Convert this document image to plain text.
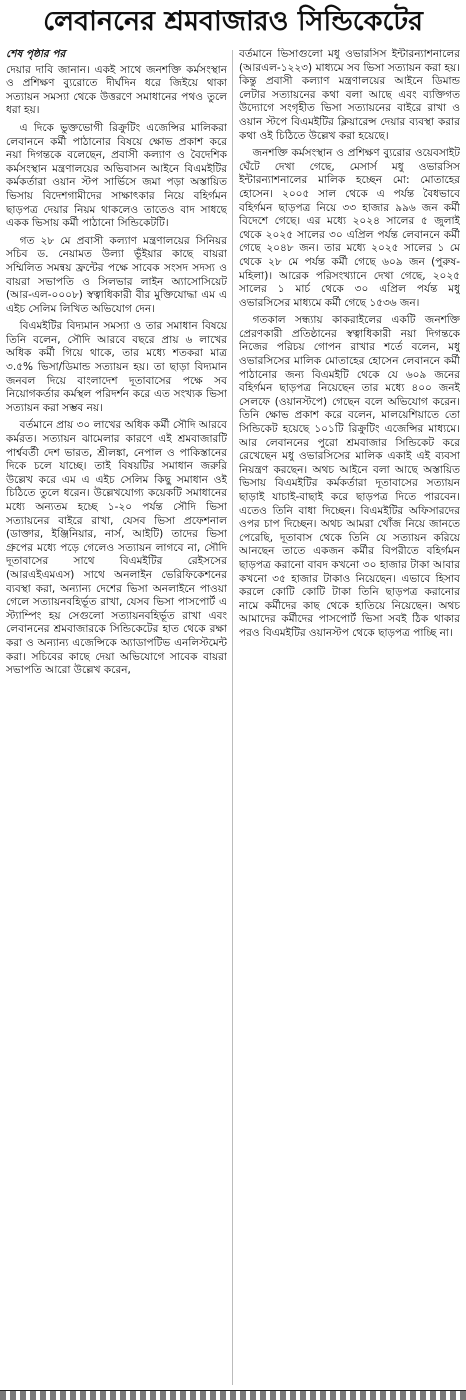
লেবাননের শ্রমবাজারও সিন্ডিকেটের
শেষ পৃষ্ঠার পর

দেয়ার দাবি জানান। একই সাথে জনশক্তি কর্মসংস্থান ও প্রশিক্ষণ ব্যুরোতে দীর্ঘদিন ধরে জিইয়ে থাকা সত্যায়ন সমস্যা থেকে উত্তরণে সমাধানের পথও তুলে ধরা হয়।

এ দিকে ভুক্তভোগী রিক্রুটিং এজেন্সির মালিকরা লেবাননে কর্মী পাঠানোর বিষয়ে ক্ষোভ প্রকাশ করে নয়া দিগন্তকে বলেছেন, প্রবাসী কল্যাণ ও বৈদেশিক কর্মসংস্থান মন্ত্রণালয়ের অভিবাসন আইনে বিএমইটির কর্মকর্তারা ওয়ান স্টপ সার্ভিসে জমা পড়া অস্তায়িত ভিসায় বিদেশগামীদের সাক্ষাৎকার নিয়ে বহির্গমন ছাড়পত্র দেয়ার নিয়ম থাকলেও তাতেও বাদ সাধছে একক ভিসায় কর্মী পাঠানো সিন্ডিকেটটি।

গত ২৮ মে প্রবাসী কল্যাণ মন্ত্রণালয়ের সিনিয়র সচিব ড. নেয়ামত উল্যা ভূঁইয়ার কাছে বায়রা সম্মিলিত সমন্বয় ফ্রন্টের পক্ষে সাবেক সংসদ সদস্য ও বায়রা সভাপতি ও সিলভার লাইন অ্যাসোসিয়েট (আর-এল-০০০৮) স্বত্বাধিকারী বীর মুক্তিযোদ্ধা এম এ এইচ সেলিম লিখিত অভিযোগ দেন।

বিএমইটির বিদ্যমান সমস্যা ও তার সমাধান বিষয়ে তিনি বলেন, সৌদি আরবে বছরে প্রায় ৬ লাখের অধিক কর্মী গিয়ে থাকে, তার মধ্যে শতকরা মাত্র ৩.৫% ভিসা/ডিমান্ড সত্যায়ন হয়। তা ছাড়া বিদ্যমান জনবল দিয়ে বাংলাদেশ দূতাবাসের পক্ষে সব নিয়োগকর্তার কর্মস্থল পরিদর্শন করে এত সংখ্যক ভিসা সত্যায়ন করা সম্ভব নয়।

বর্তমানে প্রায় ৩০ লাখের অধিক কর্মী সৌদি আরবে কর্মরত। সত্যায়ন ঝামেলার কারণে এই শ্রমবাজারটি পার্শ্ববর্তী দেশ ভারত, শ্রীলঙ্কা, নেপাল ও পাকিস্তানের দিকে চলে যাচ্ছে। তাই বিষয়টির সমাধান জরুরি উল্লেখ করে এম এ এইচ সেলিম কিছু সমাধান ওই চিঠিতে তুলে ধরেন। উল্লেখযোগ্য কয়েকটি সমাধানের মধ্যে অন্যতম হচ্ছে ১-২০ পর্যন্ত সৌদি ভিসা সত্যায়নের বাইরে রাখা, যেসব ভিসা প্রফেশনাল (ডাক্তার, ইঞ্জিনিয়ার, নার্স, আইটি) তাদের ভিসা গ্রুপের মধ্যে পড়ে গেলেও সত্যায়ন লাগবে না, সৌদি দূতাবাসের সাথে বিএমইটির রেইসসের (আরএইএমএস) সাথে অনলাইন ভেরিফিকেশনের ব্যবস্থা করা, অন্যান্য দেশের ভিসা অনলাইনে পাওয়া গেলে সত্যায়নবহির্ভূত রাখা, যেসব ভিসা পাসপোর্ট এ স্ট্যাম্পিং হয় সেগুলো সত্যায়নবহির্ভূত রাখা এবং লেবাননের শ্রমবাজারকে সিন্ডিকেটের হাত থেকে রক্ষা করা ও অন্যান্য এজেন্সিকে অ্যাডাপটিভ এনলিস্টমেন্ট করা। সচিবের কাছে দেয়া অভিযোগে সাবেক বায়রা সভাপতি আরো উল্লেখ করেন,

বর্তমানে ভিসাগুলো মধু ওভারসিস ইন্টারন্যাশনালের (আরএল-১২২৩) মাধ্যমে সব ভিসা সত্যায়ন করা হয়। কিন্তু প্রবাসী কল্যাণ মন্ত্রণালয়ের আইনে ডিমান্ড লেটার সত্যায়নের কথা বলা আছে এবং ব্যক্তিগত উদ্যোগে সংগৃহীত ভিসা সত্যায়নের বাইরে রাখা ও ওয়ান স্টপে বিএমইটির ক্লিয়ারেন্স দেয়ার ব্যবস্থা করার কথা ওই চিঠিতে উল্লেখ করা হয়েছে।

জনশক্তি কর্মসংস্থান ও প্রশিক্ষণ ব্যুরোর ওয়েবসাইট ঘেঁটে দেখা গেছে, মেসার্স মধু ওভারসিস ইন্টারন্যাশনালের মালিক হচ্ছেন মো: মোতাহের হোসেন। ২০০৫ সাল থেকে এ পর্যন্ত বৈধভাবে বহির্গমন ছাড়পত্র নিয়ে ৩৩ হাজার ৯৯৬ জন কর্মী বিদেশে গেছে। এর মধ্যে ২০২৪ সালের ৫ জুলাই থেকে ২০২৫ সালের ৩০ এপ্রিল পর্যন্ত লেবাননে কর্মী গেছে ২০৪৮ জন। তার মধ্যে ২০২৫ সালের ১ মে থেকে ২৮ মে পর্যন্ত কর্মী গেছে ৬০৯ জন (পুরুষ-মহিলা)। আরেক পরিসংখ্যানে দেখা গেছে, ২০২৫ সালের ১ মার্চ থেকে ৩০ এপ্রিল পর্যন্ত মধু ওভারসিসের মাধ্যমে কর্মী গেছে ১৫৩৬ জন।

গতকাল সন্ধ্যায় কাকরাইলের একটি জনশক্তি প্রেরণকারী প্রতিষ্ঠানের স্বত্বাধিকারী নয়া দিগন্তকে নিজের পরিচয় গোপন রাখার শর্তে বলেন, মধু ওভারসিসের মালিক মোতাহের হোসেন লেবাননে কর্মী পাঠানোর জন্য বিএমইটি থেকে যে ৬০৯ জনের বহির্গমন ছাড়পত্র নিয়েছেন তার মধ্যে ৪০০ জনই সেলফে (ওয়ানস্টপে) গেছেন বলে অভিযোগ করেন। তিনি ক্ষোভ প্রকাশ করে বলেন, মালয়েশিয়াতে তো সিন্ডিকেট হয়েছে ১০১টি রিক্রুটিং এজেন্সির মাধ্যমে। আর লেবাননের পুরো শ্রমবাজার সিন্ডিকেট করে রেখেছেন মধু ওভারসিসের মালিক একাই এই ব্যবসা নিয়ন্ত্রণ করছেন। অথচ আইনে বলা আছে অস্তায়িত ভিসায় বিএমইটির কর্মকর্তারা দূতাবাসের সত্যায়ন ছাড়াই যাচাই-বাছাই করে ছাড়পত্র দিতে পারবেন। এতেও তিনি বাধা দিচ্ছেন। বিএমইটির অফিসারদের ওপর চাপ দিচ্ছেন। অথচ আমরা খোঁজ নিয়ে জানতে পেরেছি, দূতাবাস থেকে তিনি যে সত্যায়ন করিয়ে আনছেন তাতে একজন কর্মীর বিপরীতে বহির্গমন ছাড়পত্র করানো বাবদ কখনো ৩০ হাজার টাকা আবার কখনো ৩৫ হাজার টাকাও নিয়েছেন। এভাবে হিসাব করলে কোটি কোটি টাকা তিনি ছাড়পত্র করানোর নামে কর্মীদের কাছ থেকে হাতিয়ে নিয়েছেন। অথচ আমাদের কর্মীদের পাসপোর্ট ভিসা সবই ঠিক থাকার পরও বিএমইটির ওয়ানস্টপ থেকে ছাড়পত্র পাচ্ছি না।
